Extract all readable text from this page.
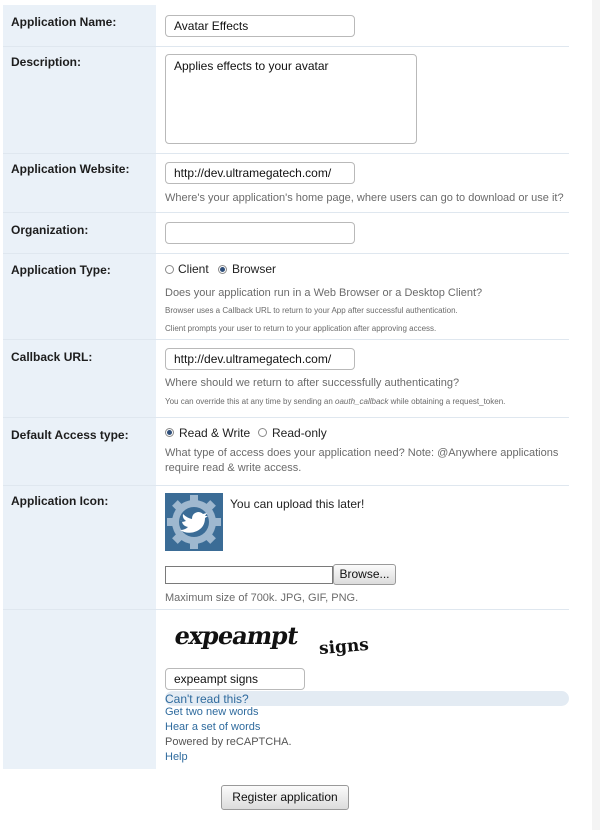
Application Name:	Avatar Effects
Description:	Applies effects to your avatar
Application Website:	http://dev.ultramegatech.com/
Where's your application's home page, where users can go to download or use it?
Organization:
Application Type:	Client Browser
Does your application run in a Web Browser or a Desktop Client?
Browser uses a Callback URL to return to your App after successful authentication.
Client prompts your user to return to your application after approving access.
Callback URL:	http://dev.ultramegatech.com/
Where should we return to after successfully authenticating?
You can override this at any time by sending an oauth_callback while obtaining a request_token.
Default Access type:	Read & Write Read-only
What type of access does your application need? Note: @Anywhere applications
require read & write access.
Application Icon:	You can upload this later!
Browse...
Maximum size of 700k. JPG, GIF, PNG.
expeampt signs
expeampt signs
Can't read this?
Get two new words
Hear a set of words
Powered by reCAPTCHA.
Help
Register application
